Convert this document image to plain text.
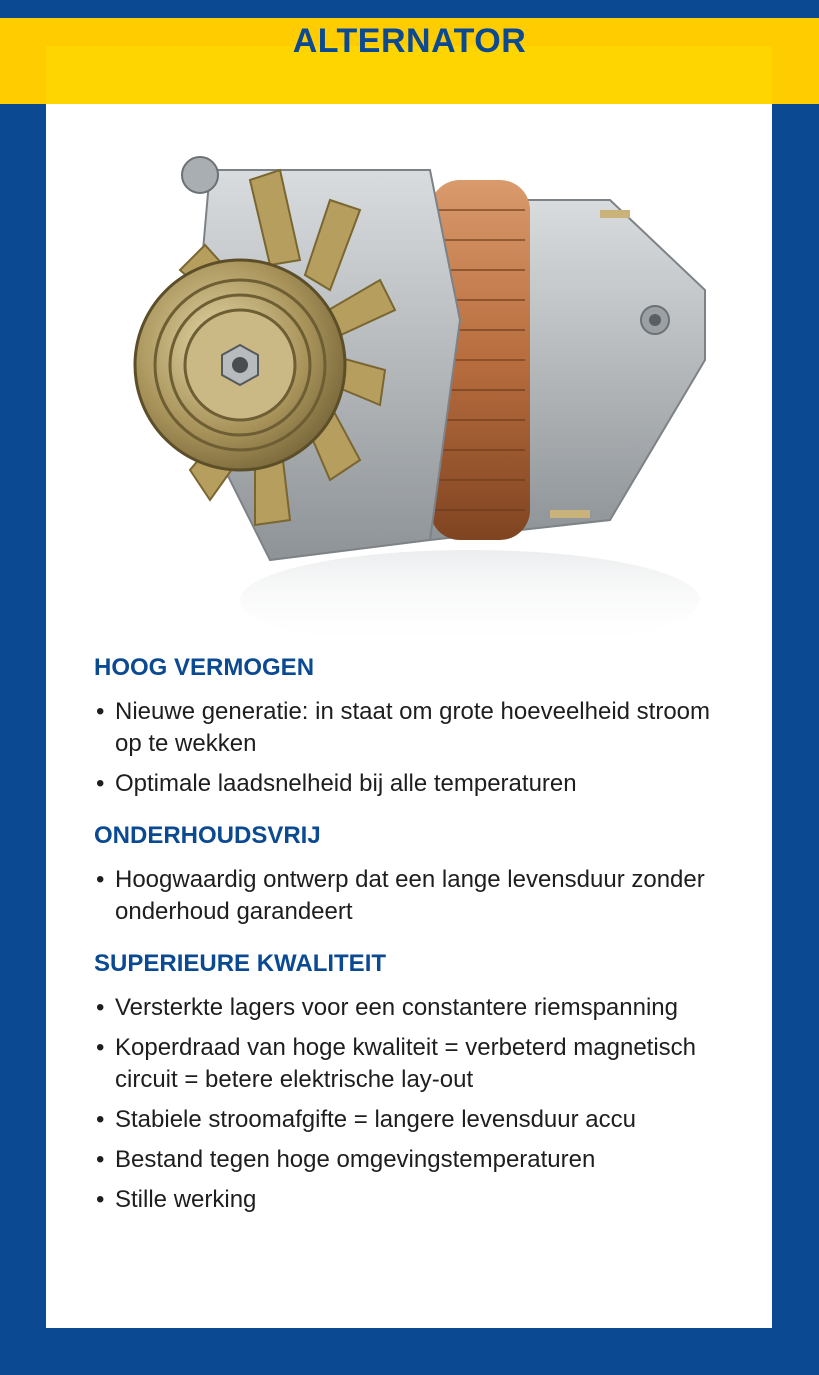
ALTERNATOR
HOOG VERMOGEN
• Nieuwe generatie: in staat om grote hoeveelheid stroom op te wekken
• Optimale laadsnelheid bij alle temperaturen
ONDERHOUDSVRIJ
• Hoogwaardig ontwerp dat een lange levensduur zonder onderhoud garandeert
SUPERIEURE KWALITEIT
• Versterkte lagers voor een constantere riemspanning
• Koperdraad van hoge kwaliteit = verbeterd magnetisch circuit = betere elektrische lay-out
• Stabiele stroomafgifte = langere levensduur accu
• Bestand tegen hoge omgevingstemperaturen
• Stille werking
